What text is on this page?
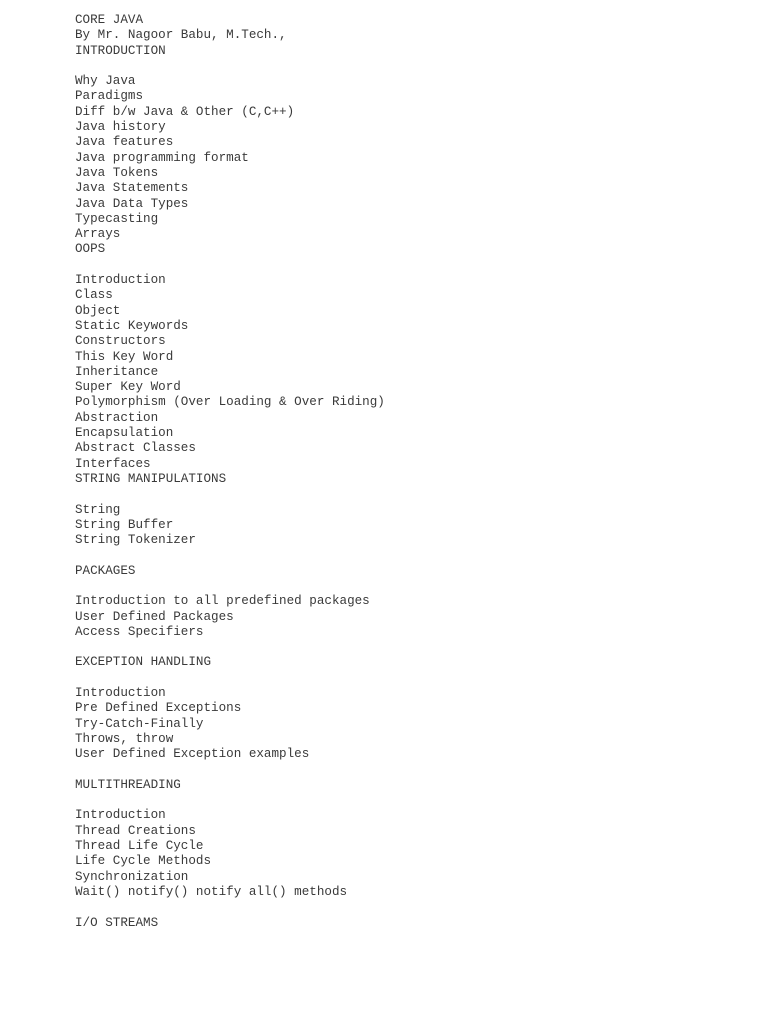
CORE JAVA
By Mr. Nagoor Babu, M.Tech.,
INTRODUCTION
Why Java
Paradigms
Diff b/w Java & Other (C,C++)
Java history
Java features
Java programming format
Java Tokens
Java Statements
Java Data Types
Typecasting
Arrays
OOPS
Introduction
Class
Object
Static Keywords
Constructors
This Key Word
Inheritance
Super Key Word
Polymorphism (Over Loading & Over Riding)
Abstraction
Encapsulation
Abstract Classes
Interfaces
STRING MANIPULATIONS
String
String Buffer
String Tokenizer
PACKAGES
Introduction to all predefined packages
User Defined Packages
Access Specifiers
EXCEPTION HANDLING
Introduction
Pre Defined Exceptions
Try-Catch-Finally
Throws, throw
User Defined Exception examples
MULTITHREADING
Introduction
Thread Creations
Thread Life Cycle
Life Cycle Methods
Synchronization
Wait() notify() notify all() methods
I/O STREAMS
